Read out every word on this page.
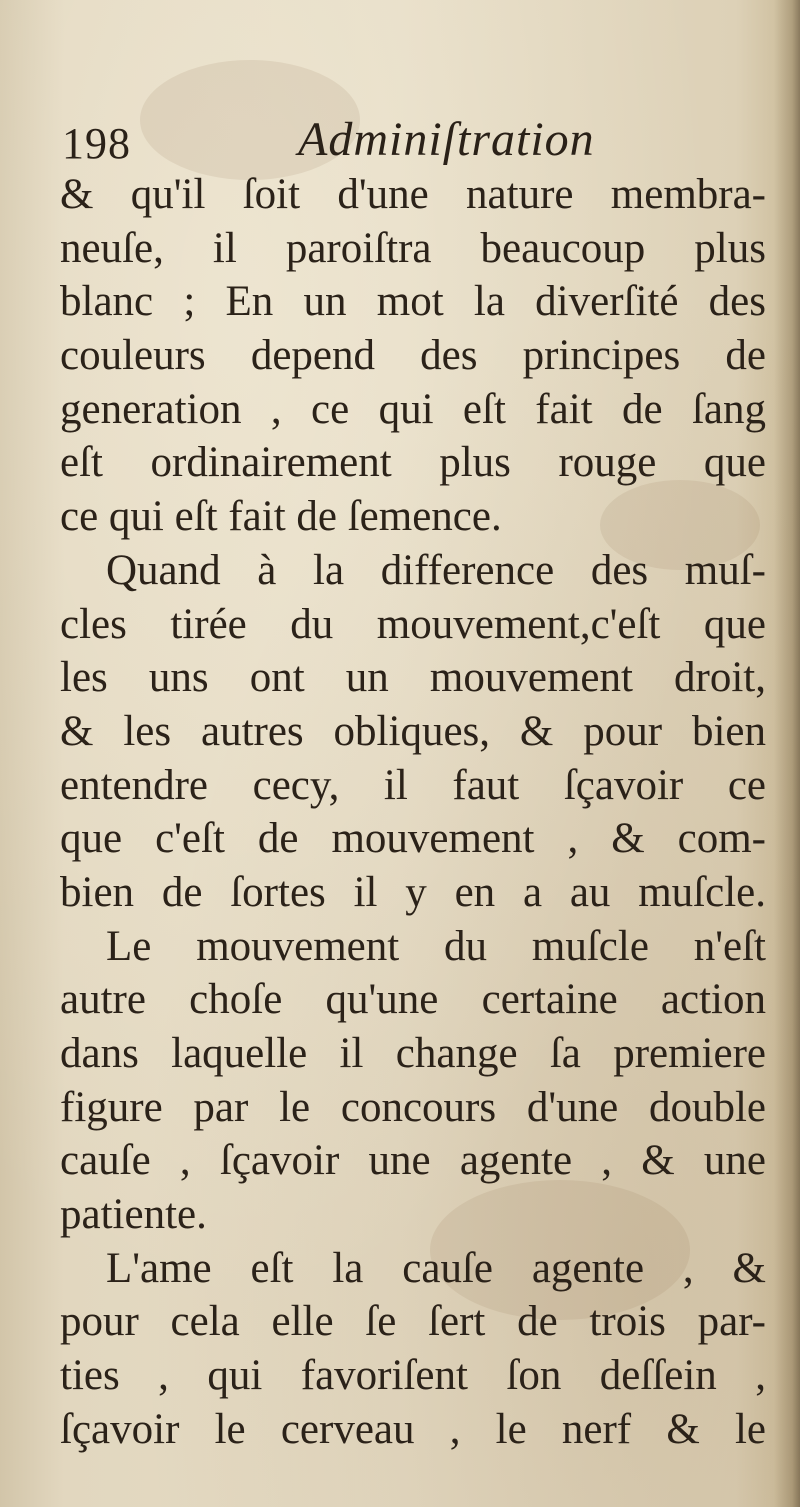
198	Adminiſtration
& qu'il ſoit d'une nature membra-
neuſe, il paroiſtra beaucoup plus
blanc ; En un mot la diverſité des
couleurs depend des principes de
generation , ce qui eſt fait de ſang
eſt ordinairement plus rouge que
ce qui eſt fait de ſemence.
Quand à la difference des muſ-
cles tirée du mouvement,c'eſt que
les uns ont un mouvement droit,
& les autres obliques, & pour bien
entendre cecy, il faut ſçavoir ce
que c'eſt de mouvement , & com-
bien de ſortes il y en a au muſcle.
Le mouvement du muſcle n'eſt
autre choſe qu'une certaine action
dans laquelle il change ſa premiere
figure par le concours d'une double
cauſe , ſçavoir une agente , & une
patiente.
L'ame eſt la cauſe agente , &
pour cela elle ſe ſert de trois par-
ties , qui favoriſent ſon deſſein ,
ſçavoir le cerveau , le nerf & le
